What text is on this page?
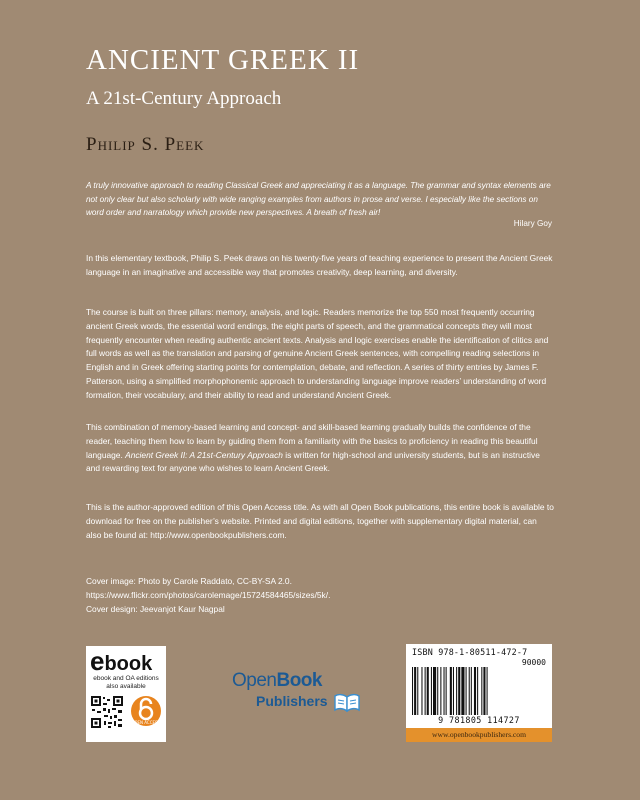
ANCIENT GREEK II
A 21st-Century Approach
Philip S. Peek
A truly innovative approach to reading Classical Greek and appreciating it as a language. The grammar and syntax elements are not only clear but also scholarly with wide ranging examples from authors in prose and verse. I especially like the sections on word order and narratology which provide new perspectives. A breath of fresh air!
Hilary Goy
In this elementary textbook, Philip S. Peek draws on his twenty-five years of teaching experience to present the Ancient Greek language in an imaginative and accessible way that promotes creativity, deep learning, and diversity.
The course is built on three pillars: memory, analysis, and logic. Readers memorize the top 550 most frequently occurring ancient Greek words, the essential word endings, the eight parts of speech, and the grammatical concepts they will most frequently encounter when reading authentic ancient texts. Analysis and logic exercises enable the identification of clitics and full words as well as the translation and parsing of genuine Ancient Greek sentences, with compelling reading selections in English and in Greek offering starting points for contemplation, debate, and reflection. A series of thirty entries by James F. Patterson, using a simplified morphophonemic approach to understanding language improve readers’ understanding of word formation, their vocabulary, and their ability to read and understand Ancient Greek.
This combination of memory-based learning and concept- and skill-based learning gradually builds the confidence of the reader, teaching them how to learn by guiding them from a familiarity with the basics to proficiency in reading this beautiful language. Ancient Greek II: A 21st-Century Approach is written for high-school and university students, but is an instructive and rewarding text for anyone who wishes to learn Ancient Greek.
This is the author-approved edition of this Open Access title. As with all Open Book publications, this entire book is available to download for free on the publisher’s website. Printed and digital editions, together with supplementary digital material, can also be found at: http://www.openbookpublishers.com.
Cover image: Photo by Carole Raddato, CC-BY-SA 2.0.
https://www.flickr.com/photos/carolemage/15724584465/sizes/5k/.
Cover design: Jeevanjot Kaur Nagpal
ebook
ebook and OA editions
also available
OPEN ACCESS
OpenBook
Publishers
ISBN 978-1-80511-472-7
90000
9 781805 114727
www.openbookpublishers.com
